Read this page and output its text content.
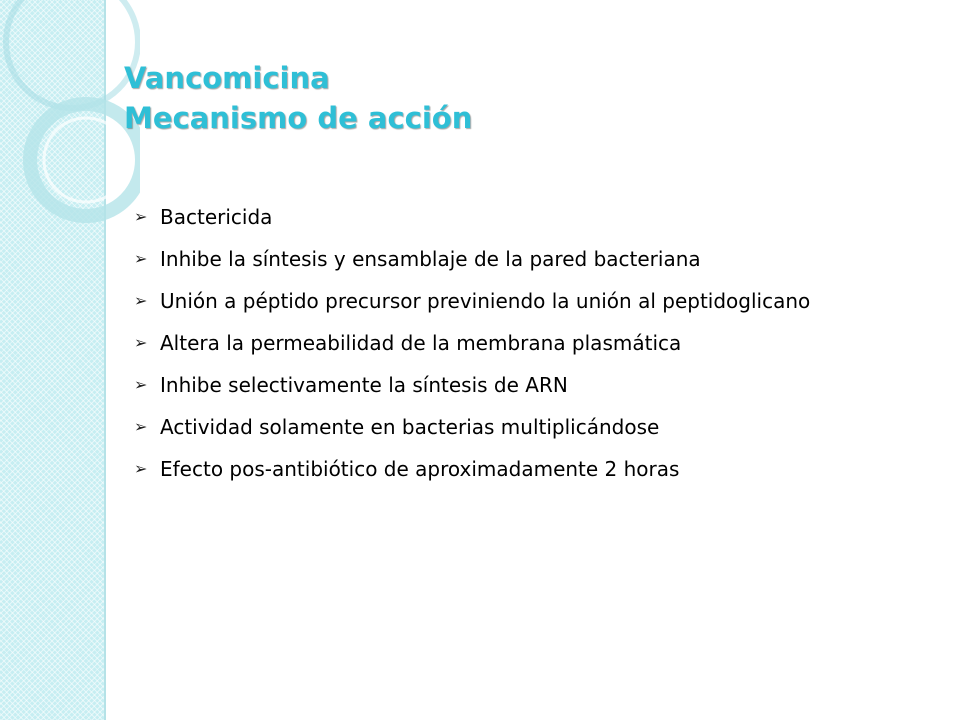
Vancomicina
Mecanismo de acción
➢ Bactericida
➢ Inhibe la síntesis y ensamblaje de la pared bacteriana
➢ Unión a péptido precursor previniendo la unión al peptidoglicano
➢ Altera la permeabilidad de la membrana plasmática
➢ Inhibe selectivamente la síntesis de ARN
➢ Actividad solamente en bacterias multiplicándose
➢ Efecto pos-antibiótico de aproximadamente 2 horas
